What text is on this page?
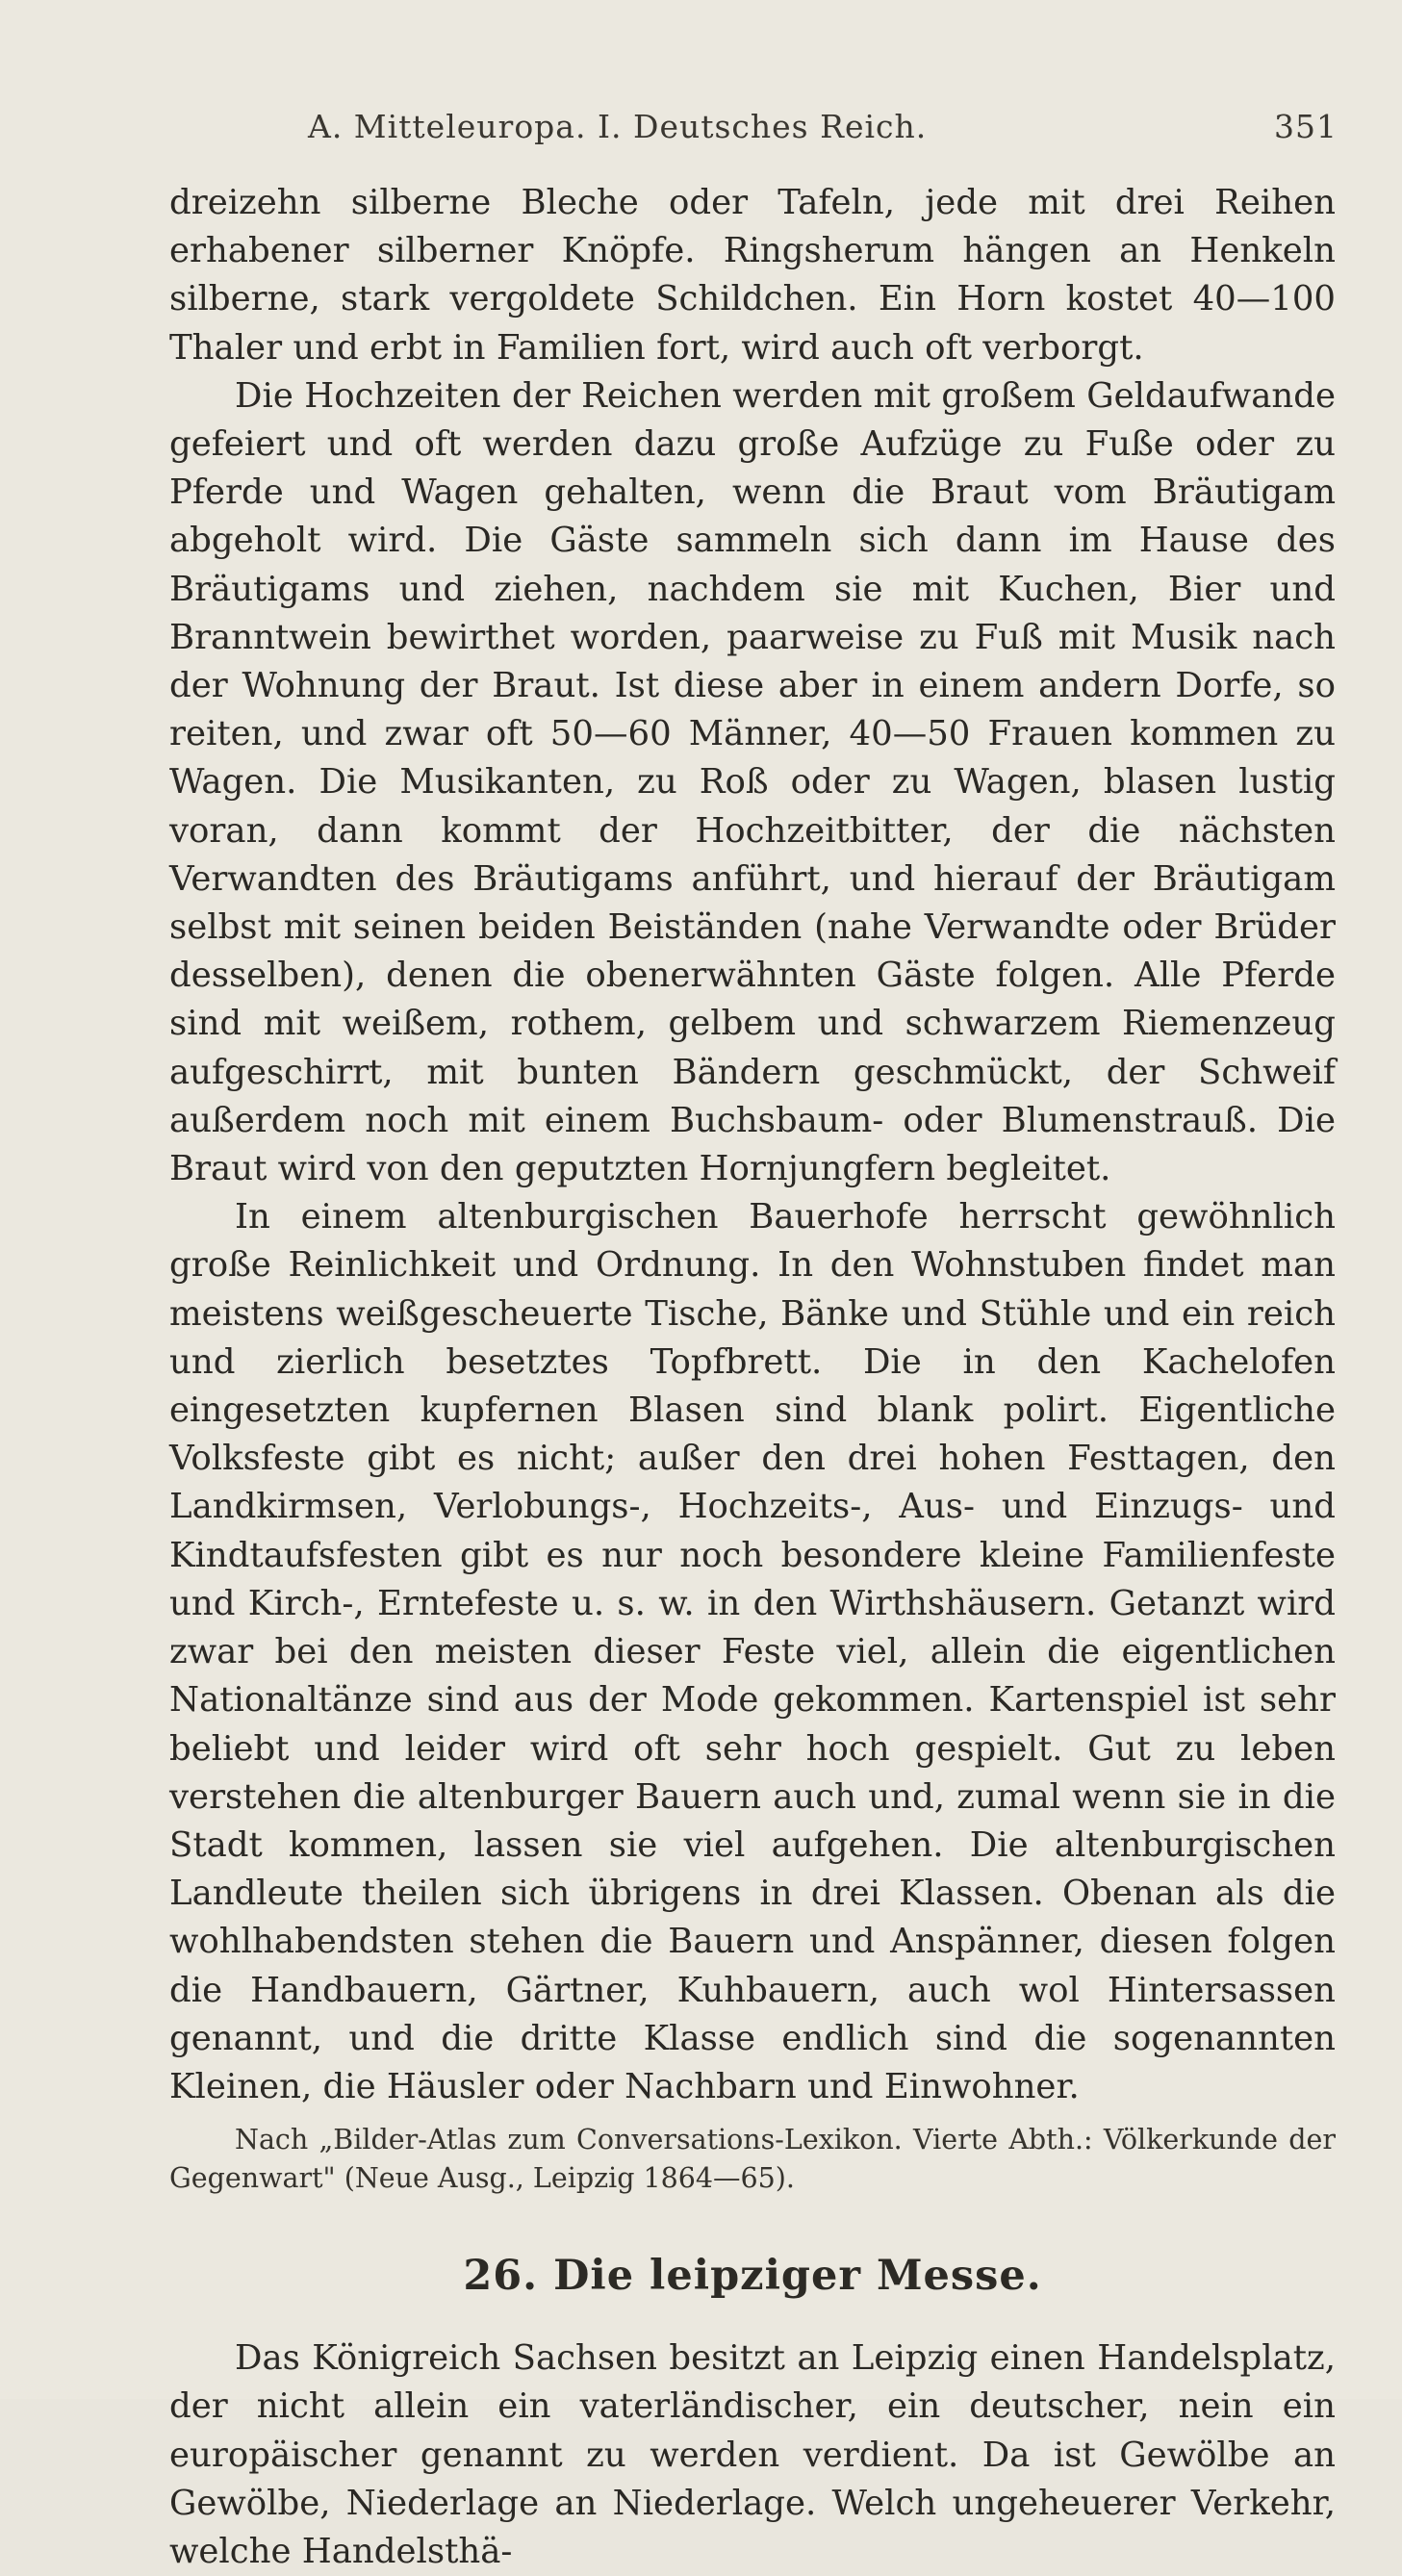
A. Mitteleuropa. I. Deutsches Reich.	351

dreizehn silberne Bleche oder Tafeln, jede mit drei Reihen erhabener silberner Knöpfe. Ringsherum hängen an Henkeln silberne, stark vergoldete Schildchen. Ein Horn kostet 40—100 Thaler und erbt in Familien fort, wird auch oft verborgt.

Die Hochzeiten der Reichen werden mit großem Geldaufwande gefeiert und oft werden dazu große Aufzüge zu Fuße oder zu Pferde und Wagen gehalten, wenn die Braut vom Bräutigam abgeholt wird. Die Gäste sammeln sich dann im Hause des Bräutigams und ziehen, nachdem sie mit Kuchen, Bier und Branntwein bewirthet worden, paarweise zu Fuß mit Musik nach der Wohnung der Braut. Ist diese aber in einem andern Dorfe, so reiten, und zwar oft 50—60 Männer, 40—50 Frauen kommen zu Wagen. Die Musikanten, zu Roß oder zu Wagen, blasen lustig voran, dann kommt der Hochzeitbitter, der die nächsten Verwandten des Bräutigams anführt, und hierauf der Bräutigam selbst mit seinen beiden Beiständen (nahe Verwandte oder Brüder desselben), denen die obenerwähnten Gäste folgen. Alle Pferde sind mit weißem, rothem, gelbem und schwarzem Riemenzeug aufgeschirrt, mit bunten Bändern geschmückt, der Schweif außerdem noch mit einem Buchsbaum- oder Blumenstrauß. Die Braut wird von den geputzten Hornjungfern begleitet.

In einem altenburgischen Bauerhofe herrscht gewöhnlich große Reinlichkeit und Ordnung. In den Wohnstuben findet man meistens weißgescheuerte Tische, Bänke und Stühle und ein reich und zierlich besetztes Topfbrett. Die in den Kachelofen eingesetzten kupfernen Blasen sind blank polirt. Eigentliche Volksfeste gibt es nicht; außer den drei hohen Festtagen, den Landkirmsen, Verlobungs-, Hochzeits-, Aus- und Einzugs- und Kindtaufsfesten gibt es nur noch besondere kleine Familienfeste und Kirch-, Erntefeste u. s. w. in den Wirthshäusern. Getanzt wird zwar bei den meisten dieser Feste viel, allein die eigentlichen Nationaltänze sind aus der Mode gekommen. Kartenspiel ist sehr beliebt und leider wird oft sehr hoch gespielt. Gut zu leben verstehen die altenburger Bauern auch und, zumal wenn sie in die Stadt kommen, lassen sie viel aufgehen. Die altenburgischen Landleute theilen sich übrigens in drei Klassen. Obenan als die wohlhabendsten stehen die Bauern und Anspänner, diesen folgen die Handbauern, Gärtner, Kuhbauern, auch wol Hintersassen genannt, und die dritte Klasse endlich sind die sogenannten Kleinen, die Häusler oder Nachbarn und Einwohner.

Nach „Bilder-Atlas zum Conversations-Lexikon. Vierte Abth.: Völkerkunde der Gegenwart" (Neue Ausg., Leipzig 1864—65).

26. Die leipziger Messe.

Das Königreich Sachsen besitzt an Leipzig einen Handelsplatz, der nicht allein ein vaterländischer, ein deutscher, nein ein europäischer genannt zu werden verdient. Da ist Gewölbe an Gewölbe, Niederlage an Niederlage. Welch ungeheuerer Verkehr, welche Handelsthä-
